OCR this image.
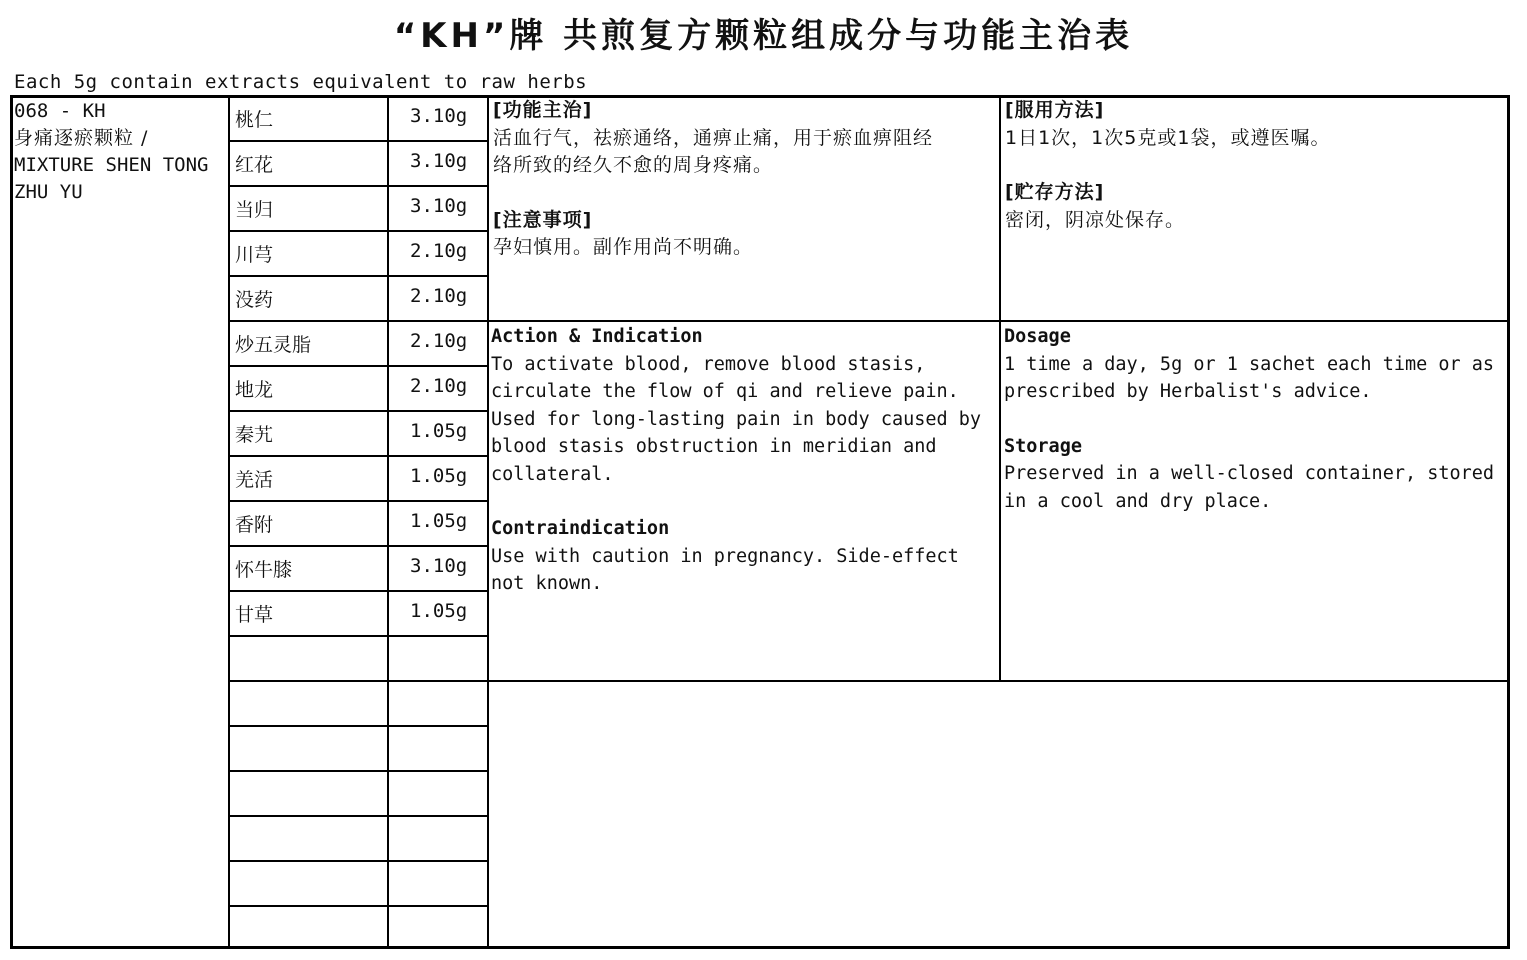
“KH”牌 共煎复方颗粒组成分与功能主治表
Each 5g contain extracts equivalent to raw herbs
068 - KH
身痛逐瘀颗粒 /
MIXTURE SHEN TONG
ZHU YU
桃仁	3.10g
红花	3.10g
当归	3.10g
川芎	2.10g
没药	2.10g
炒五灵脂	2.10g
地龙	2.10g
秦艽	1.05g
羌活	1.05g
香附	1.05g
怀牛膝	3.10g
甘草	1.05g
[功能主治]
活血行气，祛瘀通络，通痹止痛，用于瘀血痹阻经
络所致的经久不愈的周身疼痛。
[注意事项]
孕妇慎用。副作用尚不明确。
[服用方法]
1日1次，1次5克或1袋，或遵医嘱。
[贮存方法]
密闭，阴凉处保存。
Action & Indication
To activate blood, remove blood stasis,
circulate the flow of qi and relieve pain.
Used for long-lasting pain in body caused by
blood stasis obstruction in meridian and
collateral.
Contraindication
Use with caution in pregnancy. Side-effect
not known.
Dosage
1 time a day, 5g or 1 sachet each time or as
prescribed by Herbalist's advice.
Storage
Preserved in a well-closed container, stored
in a cool and dry place.
